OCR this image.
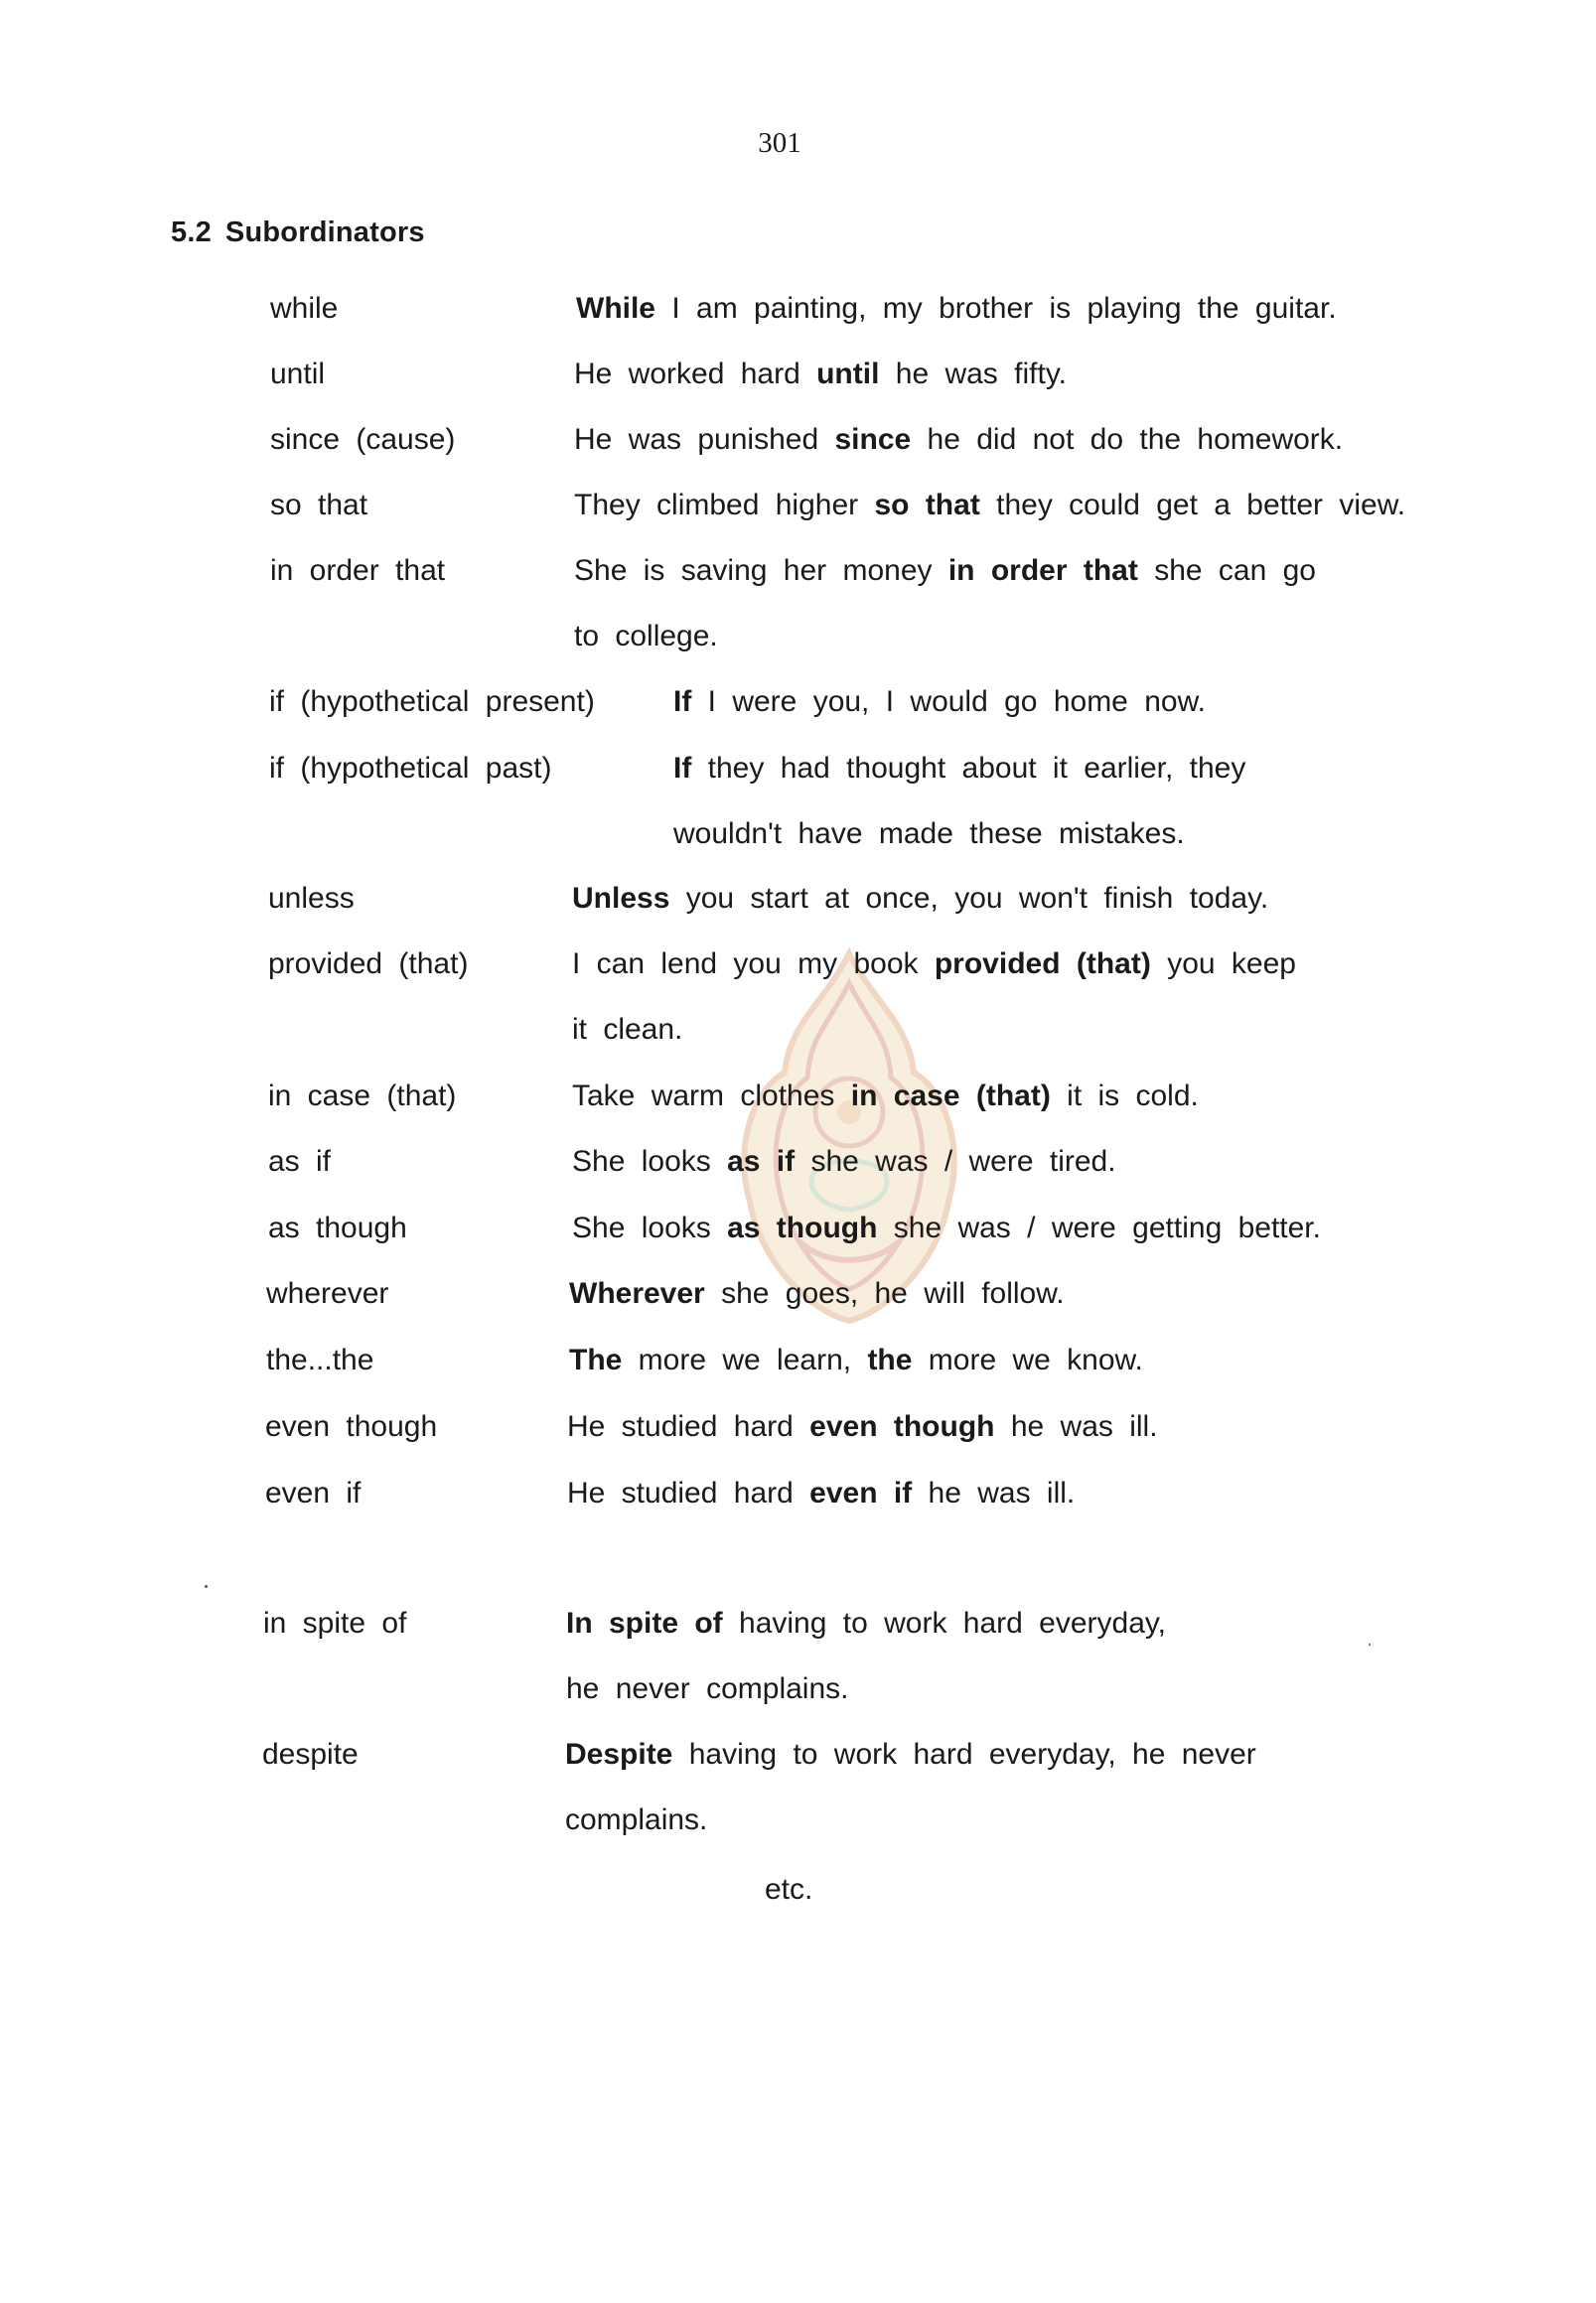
301
5.2 Subordinators
while	While I am painting, my brother is playing the guitar.
until	He worked hard until he was fifty.
since (cause)	He was punished since he did not do the homework.
so that	They climbed higher so that they could get a better view.
in order that	She is saving her money in order that she can go
to college.
if (hypothetical present)	If I were you, I would go home now.
if (hypothetical past)	If they had thought about it earlier, they
wouldn't have made these mistakes.
unless	Unless you start at once, you won't finish today.
provided (that)	I can lend you my book provided (that) you keep
it clean.
in case (that)	Take warm clothes in case (that) it is cold.
as if	She looks as if she was / were tired.
as though	She looks as though she was / were getting better.
wherever	Wherever she goes, he will follow.
the...the	The more we learn, the more we know.
even though	He studied hard even though he was ill.
even if	He studied hard even if he was ill.
in spite of	In spite of having to work hard everyday,
he never complains.
despite	Despite having to work hard everyday, he never
complains.
etc.
